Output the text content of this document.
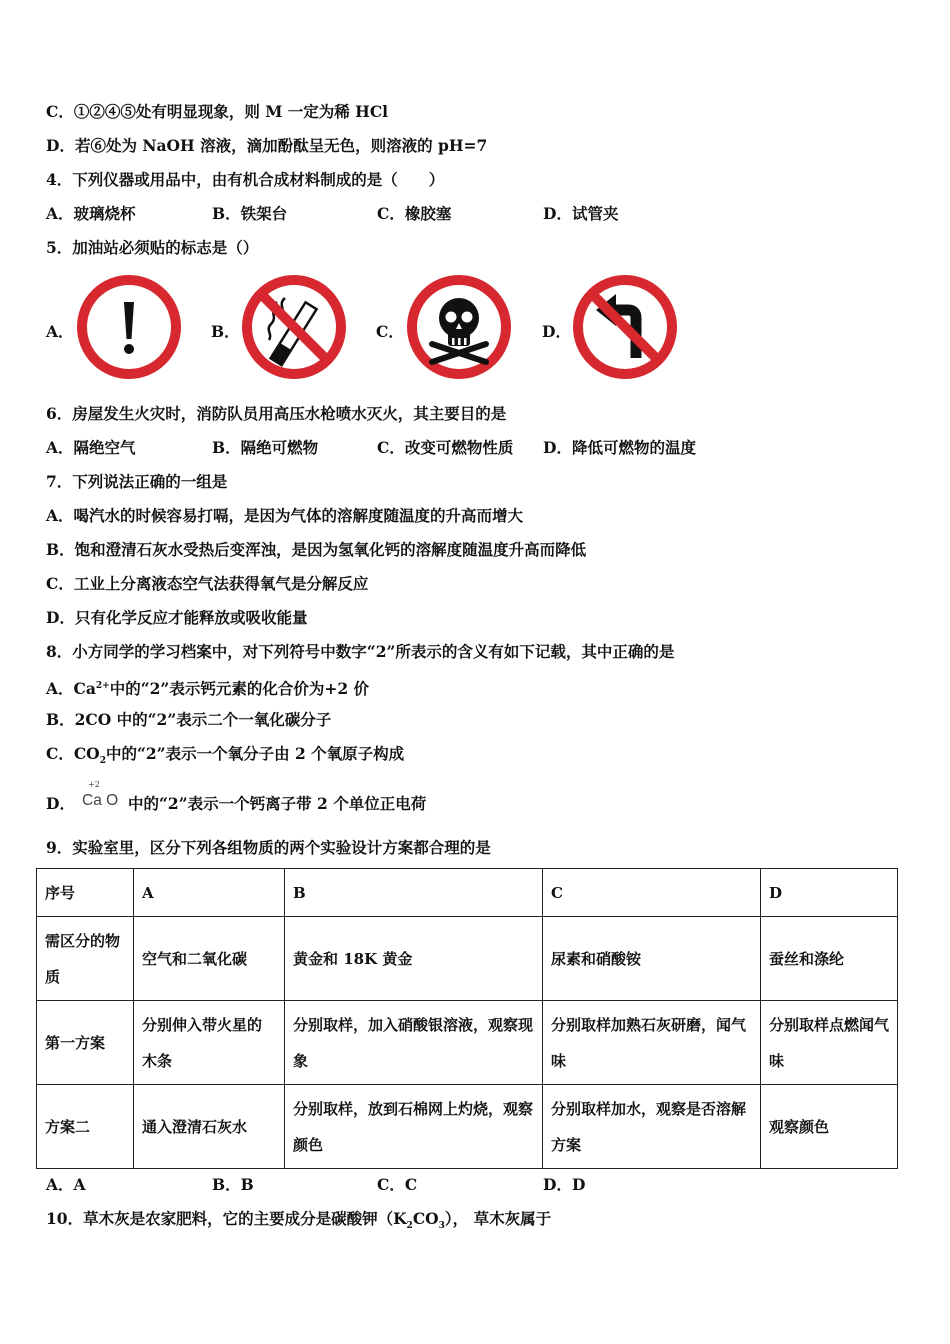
C．①②④⑤处有明显现象，则 M 一定为稀 HCl
D．若⑥处为 NaOH 溶液，滴加酚酞呈无色，则溶液的 pH=7
4．下列仪器或用品中，由有机合成材料制成的是（　　）
A．玻璃烧杯	B．铁架台	C．橡胶塞	D．试管夹
5．加油站必须贴的标志是（）
A．	B．	C．	D．
6．房屋发生火灾时，消防队员用高压水枪喷水灭火，其主要目的是
A．隔绝空气	B．隔绝可燃物	C．改变可燃物性质 D．降低可燃物的温度
7．下列说法正确的一组是
A．喝汽水的时候容易打嗝，是因为气体的溶解度随温度的升高而增大
B．饱和澄清石灰水受热后变浑浊，是因为氢氧化钙的溶解度随温度升高而降低
C．工业上分离液态空气法获得氧气是分解反应
D．只有化学反应才能释放或吸收能量
8．小方同学的学习档案中，对下列符号中数字“2”所表示的含义有如下记载，其中正确的是
A．$Ca^{2+}$中的“2”表示钙元素的化合价为+2 价
B．2CO 中的“2”表示二个一氧化碳分子
C．$CO_2$中的“2”表示一个氧分子由 2 个氧原子构成
D．
+2
Ca O 中的“2”表示一个钙离子带 2 个单位正电荷
9．实验室里，区分下列各组物质的两个实验设计方案都合理的是
序号	A	B	C	D
需区分的物质	空气和二氧化碳	黄金和 18K 黄金	尿素和硝酸铵	蚕丝和涤纶
第一方案	分别伸入带火星的木条	分别取样，加入硝酸银溶液，观察现象	分别取样加熟石灰研磨，闻气味	分别取样点燃闻气味
方案二	通入澄清石灰水	分别取样，放到石棉网上灼烧，观察颜色	分别取样加水，观察是否溶解方案	观察颜色
A．A	B．B	C．C	D．D
10．草木灰是农家肥料，它的主要成分是碳酸钾$(K_2CO_3)$， 草木灰属于
